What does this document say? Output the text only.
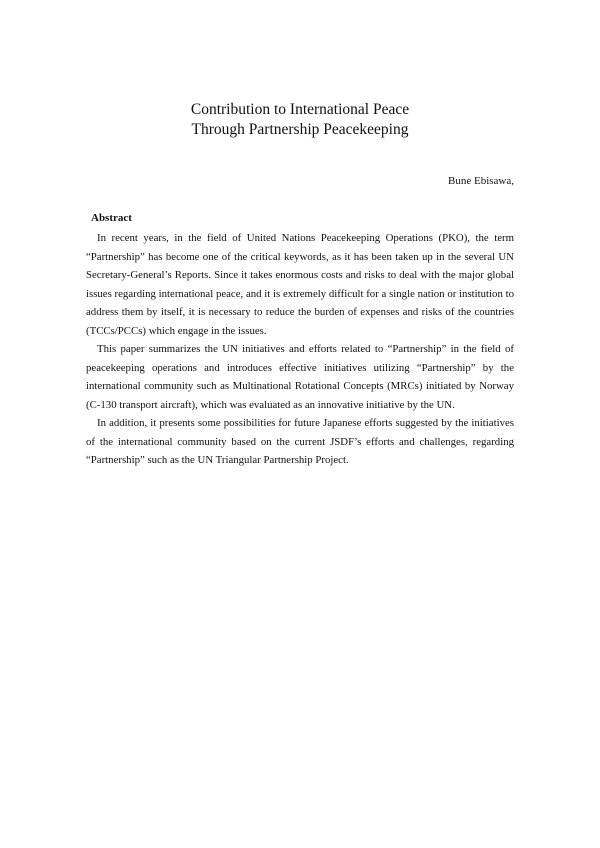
Contribution to International Peace
Through Partnership Peacekeeping
Bune Ebisawa,
Abstract

In recent years, in the field of United Nations Peacekeeping Operations (PKO), the term “Partnership” has become one of the critical keywords, as it has been taken up in the several UN Secretary-General’s Reports. Since it takes enormous costs and risks to deal with the major global issues regarding international peace, and it is extremely difficult for a single nation or institution to address them by itself, it is necessary to reduce the burden of expenses and risks of the countries (TCCs/PCCs) which engage in the issues.

This paper summarizes the UN initiatives and efforts related to “Partnership” in the field of peacekeeping operations and introduces effective initiatives utilizing “Partnership” by the international community such as Multinational Rotational Concepts (MRCs) initiated by Norway (C-130 transport aircraft), which was evaluated as an innovative initiative by the UN.

In addition, it presents some possibilities for future Japanese efforts suggested by the initiatives of the international community based on the current JSDF’s efforts and challenges, regarding “Partnership” such as the UN Triangular Partnership Project.
